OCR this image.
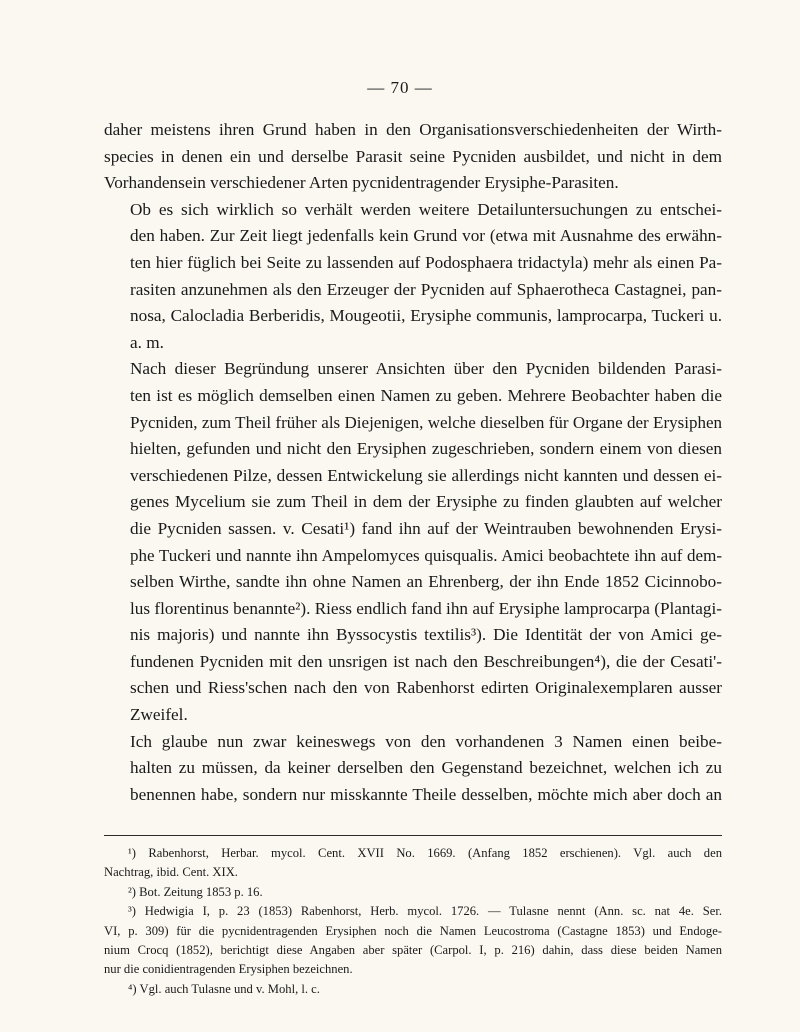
— 70 —

daher meistens ihren Grund haben in den Organisationsverschiedenheiten der Wirth-
species in denen ein und derselbe Parasit seine Pycniden ausbildet, und nicht in dem
Vorhandensein verschiedener Arten pycnidentragender Erysiphe-Parasiten.

Ob es sich wirklich so verhält werden weitere Detailuntersuchungen zu entschei-
den haben. Zur Zeit liegt jedenfalls kein Grund vor (etwa mit Ausnahme des erwähn-
ten hier füglich bei Seite zu lassenden auf Podosphaera tridactyla) mehr als einen Pa-
rasiten anzunehmen als den Erzeuger der Pycniden auf Sphaerotheca Castagnei, pan-
nosa, Calocladia Berberidis, Mougeotii, Erysiphe communis, lamprocarpa, Tuckeri u.
a. m.

Nach dieser Begründung unserer Ansichten über den Pycniden bildenden Parasi-
ten ist es möglich demselben einen Namen zu geben. Mehrere Beobachter haben die
Pycniden, zum Theil früher als Diejenigen, welche dieselben für Organe der Erysiphen
hielten, gefunden und nicht den Erysiphen zugeschrieben, sondern einem von diesen
verschiedenen Pilze, dessen Entwickelung sie allerdings nicht kannten und dessen ei-
genes Mycelium sie zum Theil in dem der Erysiphe zu finden glaubten auf welcher
die Pycniden sassen. v. Cesati¹) fand ihn auf der Weintrauben bewohnenden Erysi-
phe Tuckeri und nannte ihn Ampelomyces quisqualis. Amici beobachtete ihn auf dem-
selben Wirthe, sandte ihn ohne Namen an Ehrenberg, der ihn Ende 1852 Cicinnobo-
lus florentinus benannte²). Riess endlich fand ihn auf Erysiphe lamprocarpa (Plantagi-
nis majoris) und nannte ihn Byssocystis textilis³). Die Identität der von Amici ge-
fundenen Pycniden mit den unsrigen ist nach den Beschreibungen⁴), die der Cesati'-
schen und Riess'schen nach den von Rabenhorst edirten Originalexemplaren ausser
Zweifel.

Ich glaube nun zwar keineswegs von den vorhandenen 3 Namen einen beibe-
halten zu müssen, da keiner derselben den Gegenstand bezeichnet, welchen ich zu
benennen habe, sondern nur misskannte Theile desselben, möchte mich aber doch an

¹) Rabenhorst, Herbar. mycol. Cent. XVII No. 1669. (Anfang 1852 erschienen). Vgl. auch den
Nachtrag, ibid. Cent. XIX.
²) Bot. Zeitung 1853 p. 16.
³) Hedwigia I, p. 23 (1853) Rabenhorst, Herb. mycol. 1726. — Tulasne nennt (Ann. sc. nat 4e. Ser.
VI, p. 309) für die pycnidentragenden Erysiphen noch die Namen Leucostroma (Castagne 1853) und Endoge-
nium Crocq (1852), berichtigt diese Angaben aber später (Carpol. I, p. 216) dahin, dass diese beiden Namen
nur die conidientragenden Erysiphen bezeichnen.
⁴) Vgl. auch Tulasne und v. Mohl, l. c.
